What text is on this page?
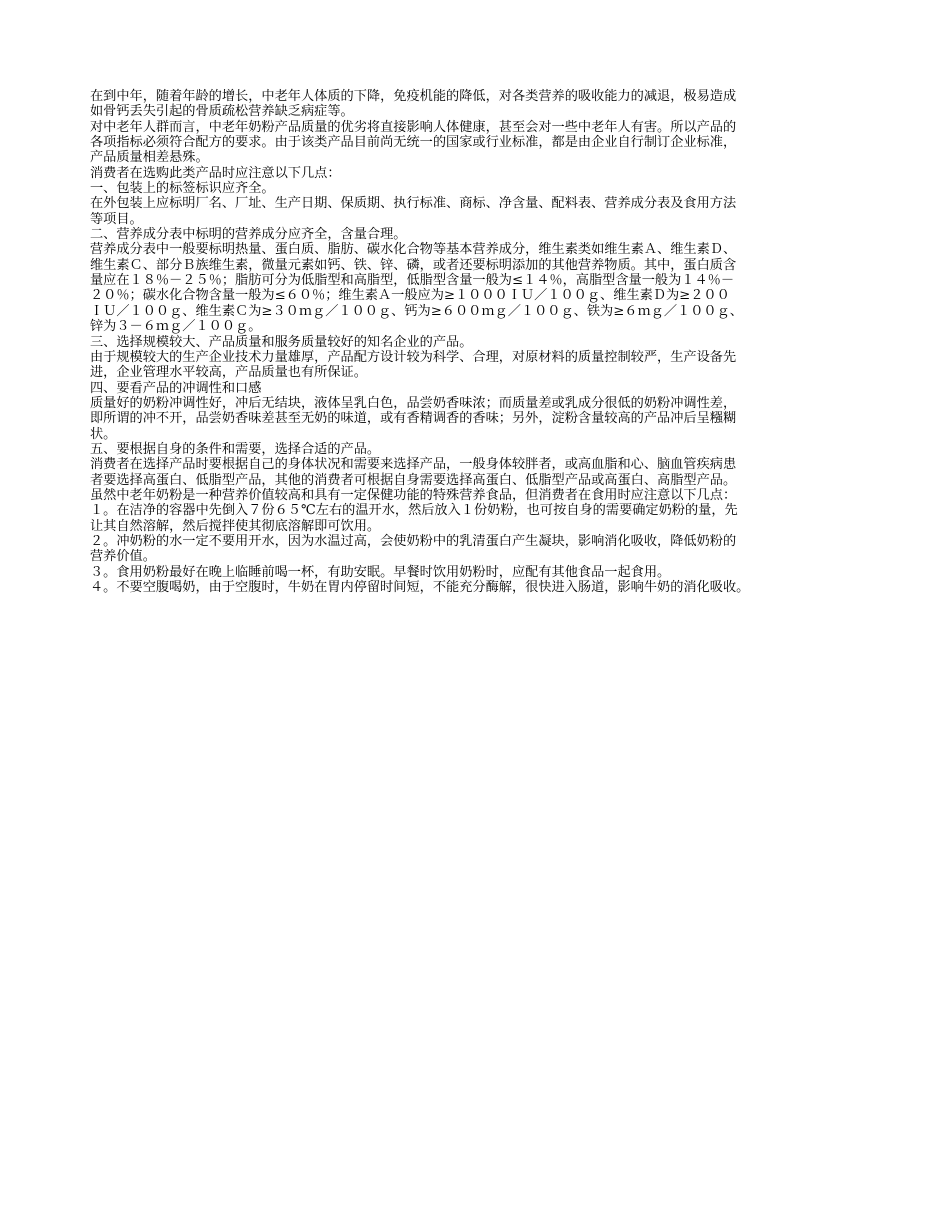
在到中年，随着年龄的增长，中老年人体质的下降，免疫机能的降低，对各类营养的吸收能力的减退，极易造成
如骨钙丢失引起的骨质疏松营养缺乏病症等。

对中老年人群而言，中老年奶粉产品质量的优劣将直接影响人体健康，甚至会对一些中老年人有害。所以产品的
各项指标必须符合配方的要求。由于该类产品目前尚无统一的国家或行业标准，都是由企业自行制订企业标准，
产品质量相差悬殊。

消费者在选购此类产品时应注意以下几点：

一、包装上的标签标识应齐全。

在外包装上应标明厂名、厂址、生产日期、保质期、执行标准、商标、净含量、配料表、营养成分表及食用方法
等项目。

二、营养成分表中标明的营养成分应齐全，含量合理。

营养成分表中一般要标明热量、蛋白质、脂肪、碳水化合物等基本营养成分，维生素类如维生素Ａ、维生素Ｄ、
维生素Ｃ、部分Ｂ族维生素，微量元素如钙、铁、锌、磷，或者还要标明添加的其他营养物质。其中，蛋白质含
量应在１８％－２５％；脂肪可分为低脂型和高脂型，低脂型含量一般为≤１４％，高脂型含量一般为１４％－
２０％；碳水化合物含量一般为≤６０％；维生素Ａ一般应为≥１０００ＩＵ／１００ｇ、维生素Ｄ为≥２００
ＩＵ／１００ｇ、维生素Ｃ为≥３０ｍｇ／１００ｇ、钙为≥６００ｍｇ／１００ｇ、铁为≥６ｍｇ／１００ｇ、
锌为３－６ｍｇ／１００ｇ。

三、选择规模较大、产品质量和服务质量较好的知名企业的产品。

由于规模较大的生产企业技术力量雄厚，产品配方设计较为科学、合理，对原材料的质量控制较严，生产设备先
进，企业管理水平较高，产品质量也有所保证。

四、要看产品的冲调性和口感

质量好的奶粉冲调性好，冲后无结块，液体呈乳白色，品尝奶香味浓；而质量差或乳成分很低的奶粉冲调性差，
即所谓的冲不开，品尝奶香味差甚至无奶的味道，或有香精调香的香味；另外，淀粉含量较高的产品冲后呈糨糊
状。

五、要根据自身的条件和需要，选择合适的产品。

消费者在选择产品时要根据自己的身体状况和需要来选择产品，一般身体较胖者，或高血脂和心、脑血管疾病患
者要选择高蛋白、低脂型产品，其他的消费者可根据自身需要选择高蛋白、低脂型产品或高蛋白、高脂型产品。

虽然中老年奶粉是一种营养价值较高和具有一定保健功能的特殊营养食品，但消费者在食用时应注意以下几点：

１。在洁净的容器中先倒入７份６５℃左右的温开水，然后放入１份奶粉，也可按自身的需要确定奶粉的量，先
让其自然溶解，然后搅拌使其彻底溶解即可饮用。

２。冲奶粉的水一定不要用开水，因为水温过高，会使奶粉中的乳清蛋白产生凝块，影响消化吸收，降低奶粉的
营养价值。

３。食用奶粉最好在晚上临睡前喝一杯，有助安眠。早餐时饮用奶粉时，应配有其他食品一起食用。

４。不要空腹喝奶，由于空腹时，牛奶在胃内停留时间短，不能充分酶解，很快进入肠道，影响牛奶的消化吸收。
